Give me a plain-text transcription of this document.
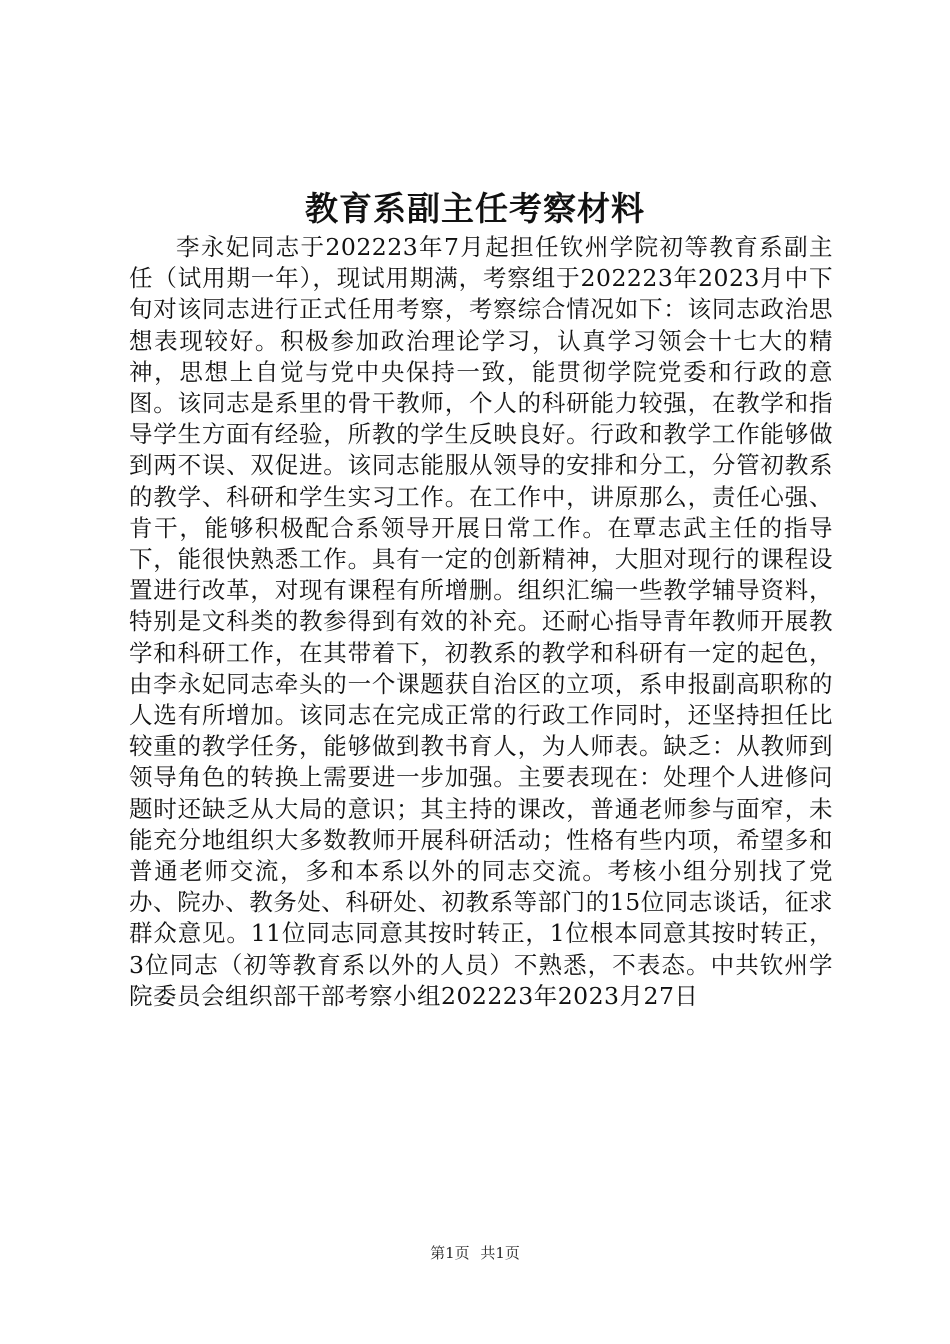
教育系副主任考察材料

李永妃同志于202223年7月起担任钦州学院初等教育系副主任（试用期一年），现试用期满，考察组于202223年2023月中下旬对该同志进行正式任用考察，考察综合情况如下：该同志政治思想表现较好。积极参加政治理论学习，认真学习领会十七大的精神，思想上自觉与党中央保持一致，能贯彻学院党委和行政的意图。该同志是系里的骨干教师，个人的科研能力较强，在教学和指导学生方面有经验，所教的学生反映良好。行政和教学工作能够做到两不误、双促进。该同志能服从领导的安排和分工，分管初教系的教学、科研和学生实习工作。在工作中，讲原那么，责任心强、肯干，能够积极配合系领导开展日常工作。在覃志武主任的指导下，能很快熟悉工作。具有一定的创新精神，大胆对现行的课程设置进行改革，对现有课程有所增删。组织汇编一些教学辅导资料，特别是文科类的教参得到有效的补充。还耐心指导青年教师开展教学和科研工作，在其带着下，初教系的教学和科研有一定的起色，由李永妃同志牵头的一个课题获自治区的立项，系申报副高职称的人选有所增加。该同志在完成正常的行政工作同时，还坚持担任比较重的教学任务，能够做到教书育人，为人师表。缺乏：从教师到领导角色的转换上需要进一步加强。主要表现在：处理个人进修问题时还缺乏从大局的意识；其主持的课改，普通老师参与面窄，未能充分地组织大多数教师开展科研活动；性格有些内项，希望多和普通老师交流，多和本系以外的同志交流。考核小组分别找了党办、院办、教务处、科研处、初教系等部门的15位同志谈话，征求群众意见。11位同志同意其按时转正，1位根本同意其按时转正，3位同志（初等教育系以外的人员）不熟悉，不表态。中共钦州学院委员会组织部干部考察小组202223年2023月27日

第1页 共1页
